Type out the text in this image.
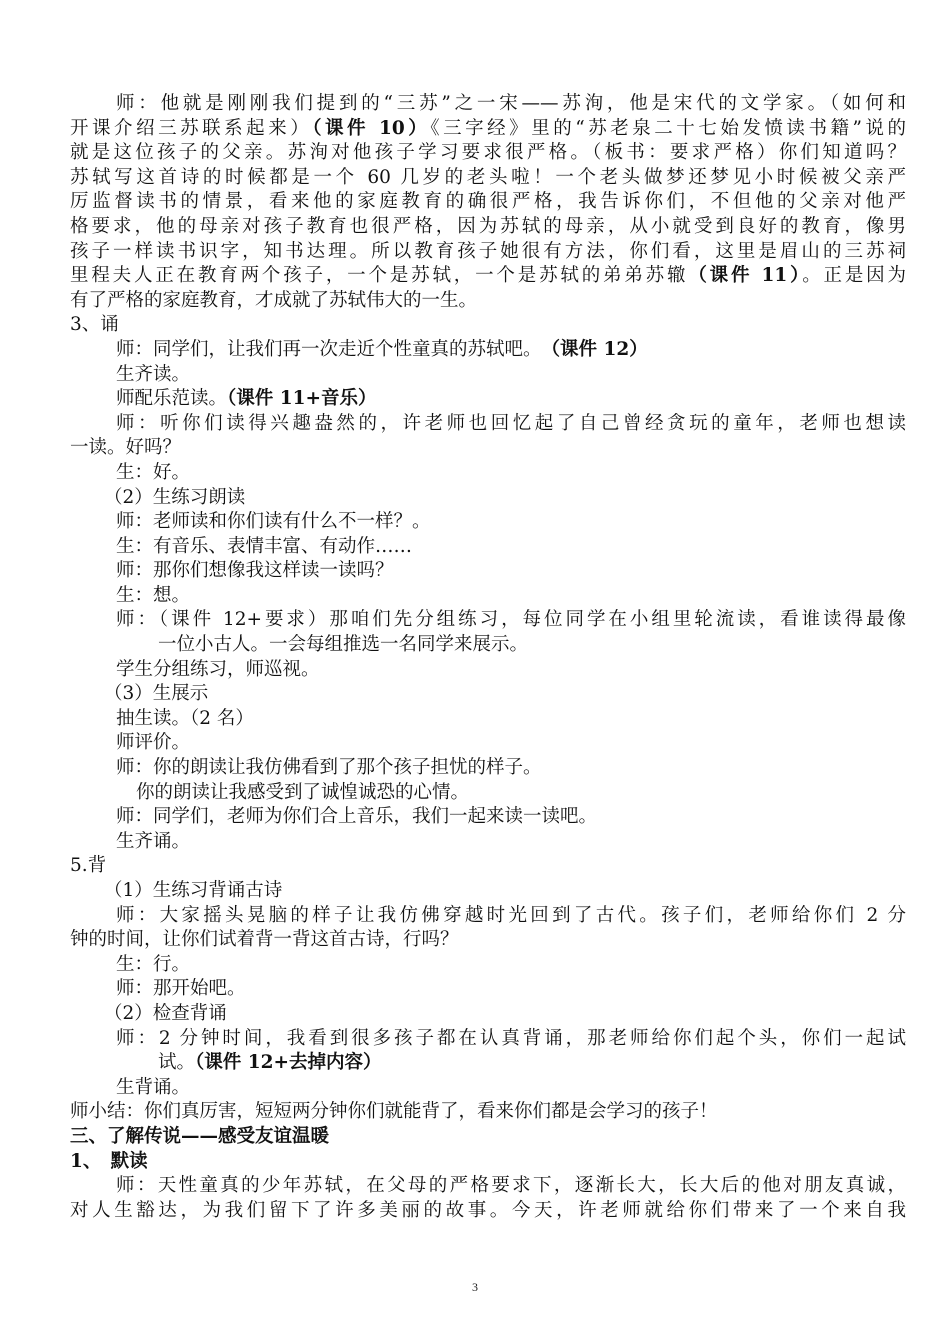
师：他就是刚刚我们提到的“三苏”之一宋——苏洵，他是宋代的文学家。（如何和
开课介绍三苏联系起来）（课件 10）《三字经》里的“苏老泉二十七始发愤读书籍”说的
就是这位孩子的父亲。苏洵对他孩子学习要求很严格。（板书：要求严格）你们知道吗？
苏轼写这首诗的时候都是一个 60 几岁的老头啦！一个老头做梦还梦见小时候被父亲严
厉监督读书的情景，看来他的家庭教育的确很严格，我告诉你们，不但他的父亲对他严
格要求，他的母亲对孩子教育也很严格，因为苏轼的母亲，从小就受到良好的教育，像男
孩子一样读书识字，知书达理。所以教育孩子她很有方法，你们看，这里是眉山的三苏祠
里程夫人正在教育两个孩子，一个是苏轼，一个是苏轼的弟弟苏辙（课件 11）。正是因为
有了严格的家庭教育，才成就了苏轼伟大的一生。
3、诵
师：同学们，让我们再一次走近个性童真的苏轼吧。　（课件 12）
生齐读。
师配乐范读。（课件 11+音乐）
师：听你们读得兴趣盎然的，许老师也回忆起了自己曾经贪玩的童年，老师也想读
一读。好吗？
生：好。
（2）生练习朗读
师：老师读和你们读有什么不一样？。
生：有音乐、表情丰富、有动作……
师：那你们想像我这样读一读吗？
生：想。
师：（课件 12+要求）那咱们先分组练习，每位同学在小组里轮流读，看谁读得最像
一位小古人。一会每组推选一名同学来展示。
学生分组练习，师巡视。
（3）生展示
抽生读。（2 名）
师评价。
师：你的朗读让我仿佛看到了那个孩子担忧的样子。
你的朗读让我感受到了诚惶诚恐的心情。
师：同学们，老师为你们合上音乐，我们一起来读一读吧。
生齐诵。
5.背
（1）生练习背诵古诗
师：大家摇头晃脑的样子让我仿佛穿越时光回到了古代。孩子们，老师给你们 2 分
钟的时间，让你们试着背一背这首古诗，行吗？
生：行。
师：那开始吧。
（2）检查背诵
师：2 分钟时间，我看到很多孩子都在认真背诵，那老师给你们起个头，你们一起试
试。（课件 12+去掉内容）
生背诵。
师小结：你们真厉害，短短两分钟你们就能背了，看来你们都是会学习的孩子！
三、了解传说——感受友谊温暖
1、　默读
师：天性童真的少年苏轼，在父母的严格要求下，逐渐长大，长大后的他对朋友真诚，
对人生豁达，为我们留下了许多美丽的故事。今天，许老师就给你们带来了一个来自我
3
